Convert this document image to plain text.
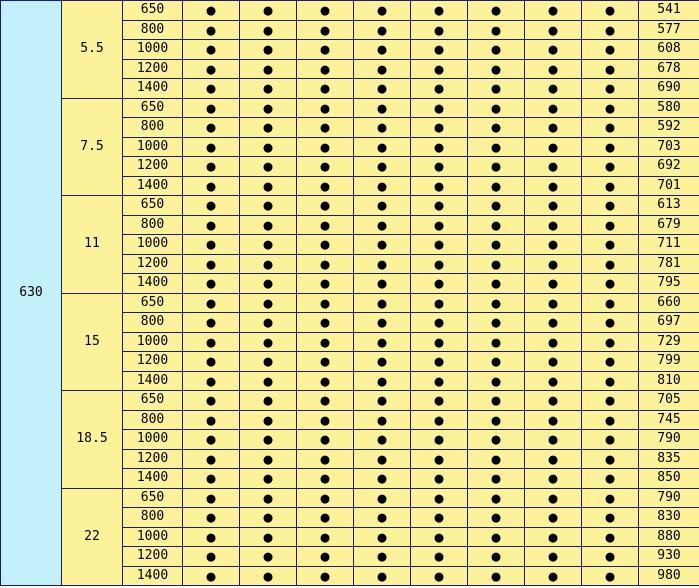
630	5.5	650	●	●	●	●	●	●	●	●	541
		800	●	●	●	●	●	●	●	●	577
		1000	●	●	●	●	●	●	●	●	608
		1200	●	●	●	●	●	●	●	●	678
		1400	●	●	●	●	●	●	●	●	690
	7.5	650	●	●	●	●	●	●	●	●	580
		800	●	●	●	●	●	●	●	●	592
		1000	●	●	●	●	●	●	●	●	703
		1200	●	●	●	●	●	●	●	●	692
		1400	●	●	●	●	●	●	●	●	701
	11	650	●	●	●	●	●	●	●	●	613
		800	●	●	●	●	●	●	●	●	679
		1000	●	●	●	●	●	●	●	●	711
		1200	●	●	●	●	●	●	●	●	781
		1400	●	●	●	●	●	●	●	●	795
	15	650	●	●	●	●	●	●	●	●	660
		800	●	●	●	●	●	●	●	●	697
		1000	●	●	●	●	●	●	●	●	729
		1200	●	●	●	●	●	●	●	●	799
		1400	●	●	●	●	●	●	●	●	810
	18.5	650	●	●	●	●	●	●	●	●	705
		800	●	●	●	●	●	●	●	●	745
		1000	●	●	●	●	●	●	●	●	790
		1200	●	●	●	●	●	●	●	●	835
		1400	●	●	●	●	●	●	●	●	850
	22	650	●	●	●	●	●	●	●	●	790
		800	●	●	●	●	●	●	●	●	830
		1000	●	●	●	●	●	●	●	●	880
		1200	●	●	●	●	●	●	●	●	930
		1400	●	●	●	●	●	●	●	●	980
